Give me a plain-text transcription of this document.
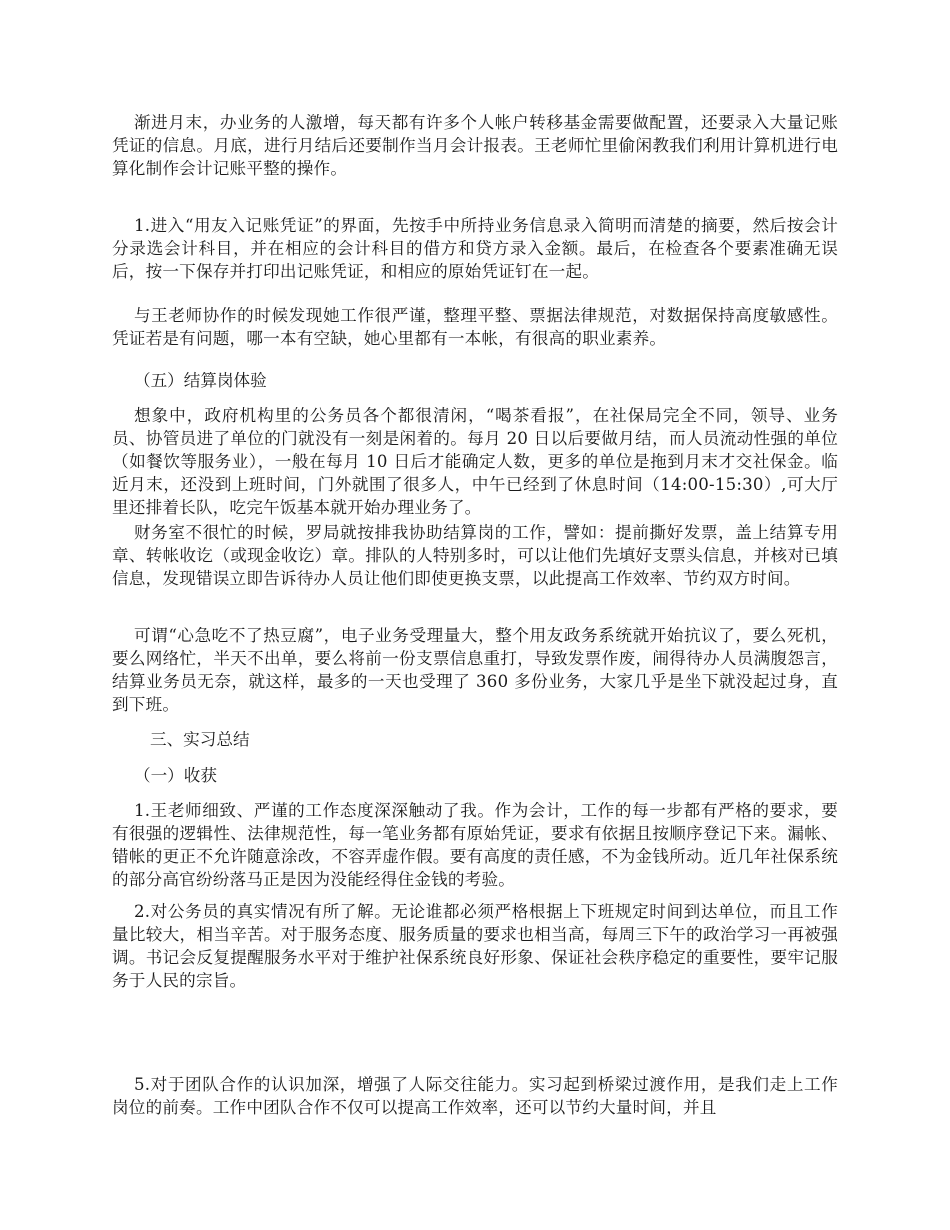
渐进月末，办业务的人激增，每天都有许多个人帐户转移基金需要做配置，还要录入大量记账凭证的信息。月底，进行月结后还要制作当月会计报表。王老师忙里偷闲教我们利用计算机进行电算化制作会计记账平整的操作。

1.进入“用友入记账凭证”的界面，先按手中所持业务信息录入简明而清楚的摘要，然后按会计分录选会计科目，并在相应的会计科目的借方和贷方录入金额。最后，在检查各个要素准确无误后，按一下保存并打印出记账凭证，和相应的原始凭证钉在一起。

与王老师协作的时候发现她工作很严谨，整理平整、票据法律规范，对数据保持高度敏感性。凭证若是有问题，哪一本有空缺，她心里都有一本帐，有很高的职业素养。

（五）结算岗体验

想象中，政府机构里的公务员各个都很清闲，“喝茶看报”，在社保局完全不同，领导、业务员、协管员进了单位的门就没有一刻是闲着的。每月 20 日以后要做月结，而人员流动性强的单位（如餐饮等服务业），一般在每月 10 日后才能确定人数，更多的单位是拖到月末才交社保金。临近月末，还没到上班时间，门外就围了很多人，中午已经到了休息时间（14:00-15:30）,可大厅里还排着长队，吃完午饭基本就开始办理业务了。

财务室不很忙的时候，罗局就按排我协助结算岗的工作，譬如：提前撕好发票，盖上结算专用章、转帐收讫（或现金收讫）章。排队的人特别多时，可以让他们先填好支票头信息，并核对已填信息，发现错误立即告诉待办人员让他们即使更换支票，以此提高工作效率、节约双方时间。

可谓“心急吃不了热豆腐”，电子业务受理量大，整个用友政务系统就开始抗议了，要么死机，要么网络忙，半天不出单，要么将前一份支票信息重打，导致发票作废，闹得待办人员满腹怨言，结算业务员无奈，就这样，最多的一天也受理了 360 多份业务，大家几乎是坐下就没起过身，直到下班。

三、实习总结

（一）收获

1.王老师细致、严谨的工作态度深深触动了我。作为会计，工作的每一步都有严格的要求，要有很强的逻辑性、法律规范性，每一笔业务都有原始凭证，要求有依据且按顺序登记下来。漏帐、错帐的更正不允许随意涂改，不容弄虚作假。要有高度的责任感，不为金钱所动。近几年社保系统的部分高官纷纷落马正是因为没能经得住金钱的考验。

2.对公务员的真实情况有所了解。无论谁都必须严格根据上下班规定时间到达单位，而且工作量比较大，相当辛苦。对于服务态度、服务质量的要求也相当高，每周三下午的政治学习一再被强调。书记会反复提醒服务水平对于维护社保系统良好形象、保证社会秩序稳定的重要性，要牢记服务于人民的宗旨。

5.对于团队合作的认识加深，增强了人际交往能力。实习起到桥梁过渡作用，是我们走上工作岗位的前奏。工作中团队合作不仅可以提高工作效率，还可以节约大量时间，并且
